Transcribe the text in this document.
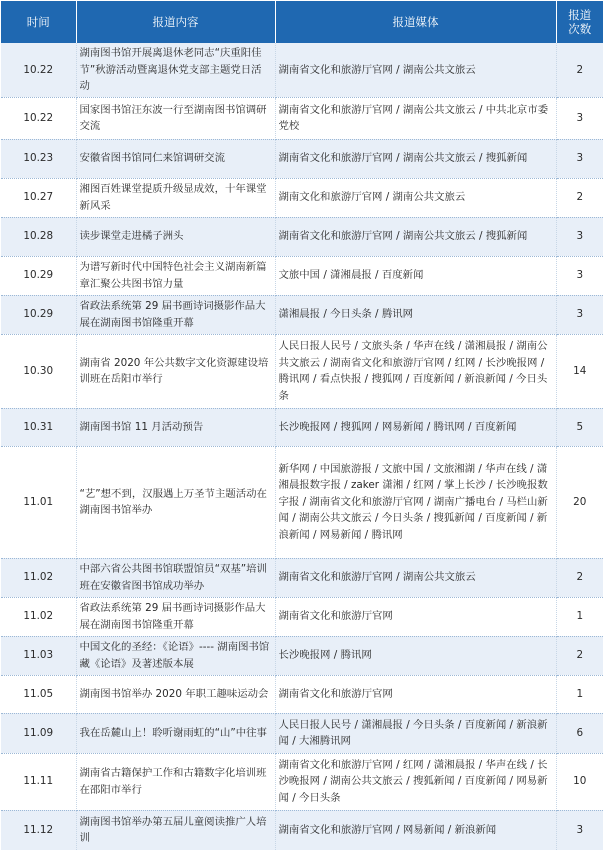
时间	报道内容	报道媒体	报道
次数
10.22	湖南图书馆开展离退休老同志“庆重阳佳节”秋游活动暨离退休党支部主题党日活动	湖南省文化和旅游厅官网 / 湖南公共文旅云	2
10.22	国家图书馆汪东波一行至湖南图书馆调研交流	湖南省文化和旅游厅官网 / 湖南公共文旅云 / 中共北京市委党校	3
10.23	安徽省图书馆同仁来馆调研交流	湖南省文化和旅游厅官网 / 湖南公共文旅云 / 搜狐新闻	3
10.27	湘图百姓课堂提质升级显成效，十年课堂新风采	湖南文化和旅游厅官网 / 湖南公共文旅云	2
10.28	读步课堂走进橘子洲头	湖南省文化和旅游厅官网 / 湖南公共文旅云 / 搜狐新闻	3
10.29	为谱写新时代中国特色社会主义湖南新篇章汇聚公共图书馆力量	文旅中国 / 潇湘晨报 / 百度新闻	3
10.29	省政法系统第 29 届书画诗词摄影作品大展在湖南图书馆隆重开幕	潇湘晨报 / 今日头条 / 腾讯网	3
10.30	湖南省 2020 年公共数字文化资源建设培训班在岳阳市举行	人民日报人民号 / 文旅头条 / 华声在线 / 潇湘晨报 / 湖南公共文旅云 / 湖南省文化和旅游厅官网 / 红网 / 长沙晚报网 / 腾讯网 / 看点快报 / 搜狐网 / 百度新闻 / 新浪新闻 / 今日头条	14
10.31	湖南图书馆 11 月活动预告	长沙晚报网 / 搜狐网 / 网易新闻 / 腾讯网 / 百度新闻	5
11.01	“艺”想不到，汉服遇上万圣节主题活动在湖南图书馆举办	新华网 / 中国旅游报 / 文旅中国 / 文旅湘湖 / 华声在线 / 潇湘晨报数字报 / zaker 潇湘 / 红网 / 掌上长沙 / 长沙晚报数字报 / 湖南省文化和旅游厅官网 / 湖南广播电台 / 马栏山新闻 / 湖南公共文旅云 / 今日头条 / 搜狐新闻 / 百度新闻 / 新浪新闻 / 网易新闻 / 腾讯网	20
11.02	中部六省公共图书馆联盟馆员“双基”培训班在安徽省图书馆成功举办	湖南省文化和旅游厅官网 / 湖南公共文旅云	2
11.02	省政法系统第 29 届书画诗词摄影作品大展在湖南图书馆隆重开幕	湖南省文化和旅游厅官网	1
11.03	中国文化的圣经：《论语》---- 湖南图书馆藏《论语》及著述版本展	长沙晚报网 / 腾讯网	2
11.05	湖南图书馆举办 2020 年职工趣味运动会	湖南省文化和旅游厅官网	1
11.09	我在岳麓山上！聆听谢雨虹的“山”中往事	人民日报人民号 / 潇湘晨报 / 今日头条 / 百度新闻 / 新浪新闻 / 大湘腾讯网	6
11.11	湖南省古籍保护工作和古籍数字化培训班在邵阳市举行	湖南省文化和旅游厅官网 / 红网 / 潇湘晨报 / 华声在线 / 长沙晚报网 / 湖南公共文旅云 / 搜狐新闻 / 百度新闻 / 网易新闻 / 今日头条	10
11.12	湖南图书馆举办第五届儿童阅读推广人培训	湖南省文化和旅游厅官网 / 网易新闻 / 新浪新闻	3
